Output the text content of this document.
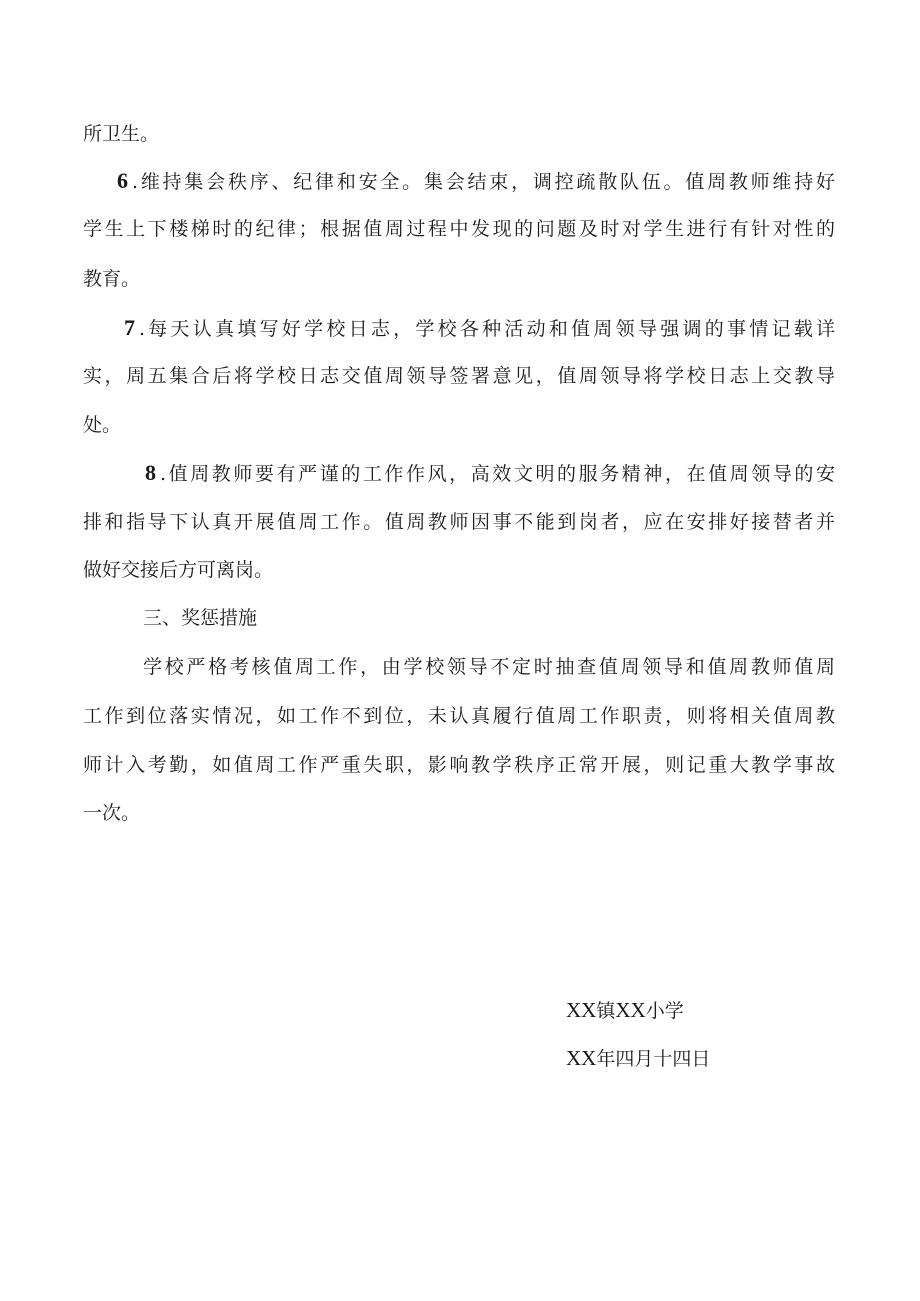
所卫生。
6 .维持集会秩序、纪律和安全。集会结束，调控疏散队伍。值周教师维持好
学生上下楼梯时的纪律；根据值周过程中发现的问题及时对学生进行有针对性的
教育。
7 .每天认真填写好学校日志，学校各种活动和值周领导强调的事情记载详
实，周五集合后将学校日志交值周领导签署意见，值周领导将学校日志上交教导
处。
8 .值周教师要有严谨的工作作风，高效文明的服务精神，在值周领导的安
排和指导下认真开展值周工作。值周教师因事不能到岗者，应在安排好接替者并
做好交接后方可离岗。
三、奖惩措施
学校严格考核值周工作，由学校领导不定时抽查值周领导和值周教师值周
工作到位落实情况，如工作不到位，未认真履行值周工作职责，则将相关值周教
师计入考勤，如值周工作严重失职，影响教学秩序正常开展，则记重大教学事故
一次。
XX镇XX小学
XX年四月十四日
